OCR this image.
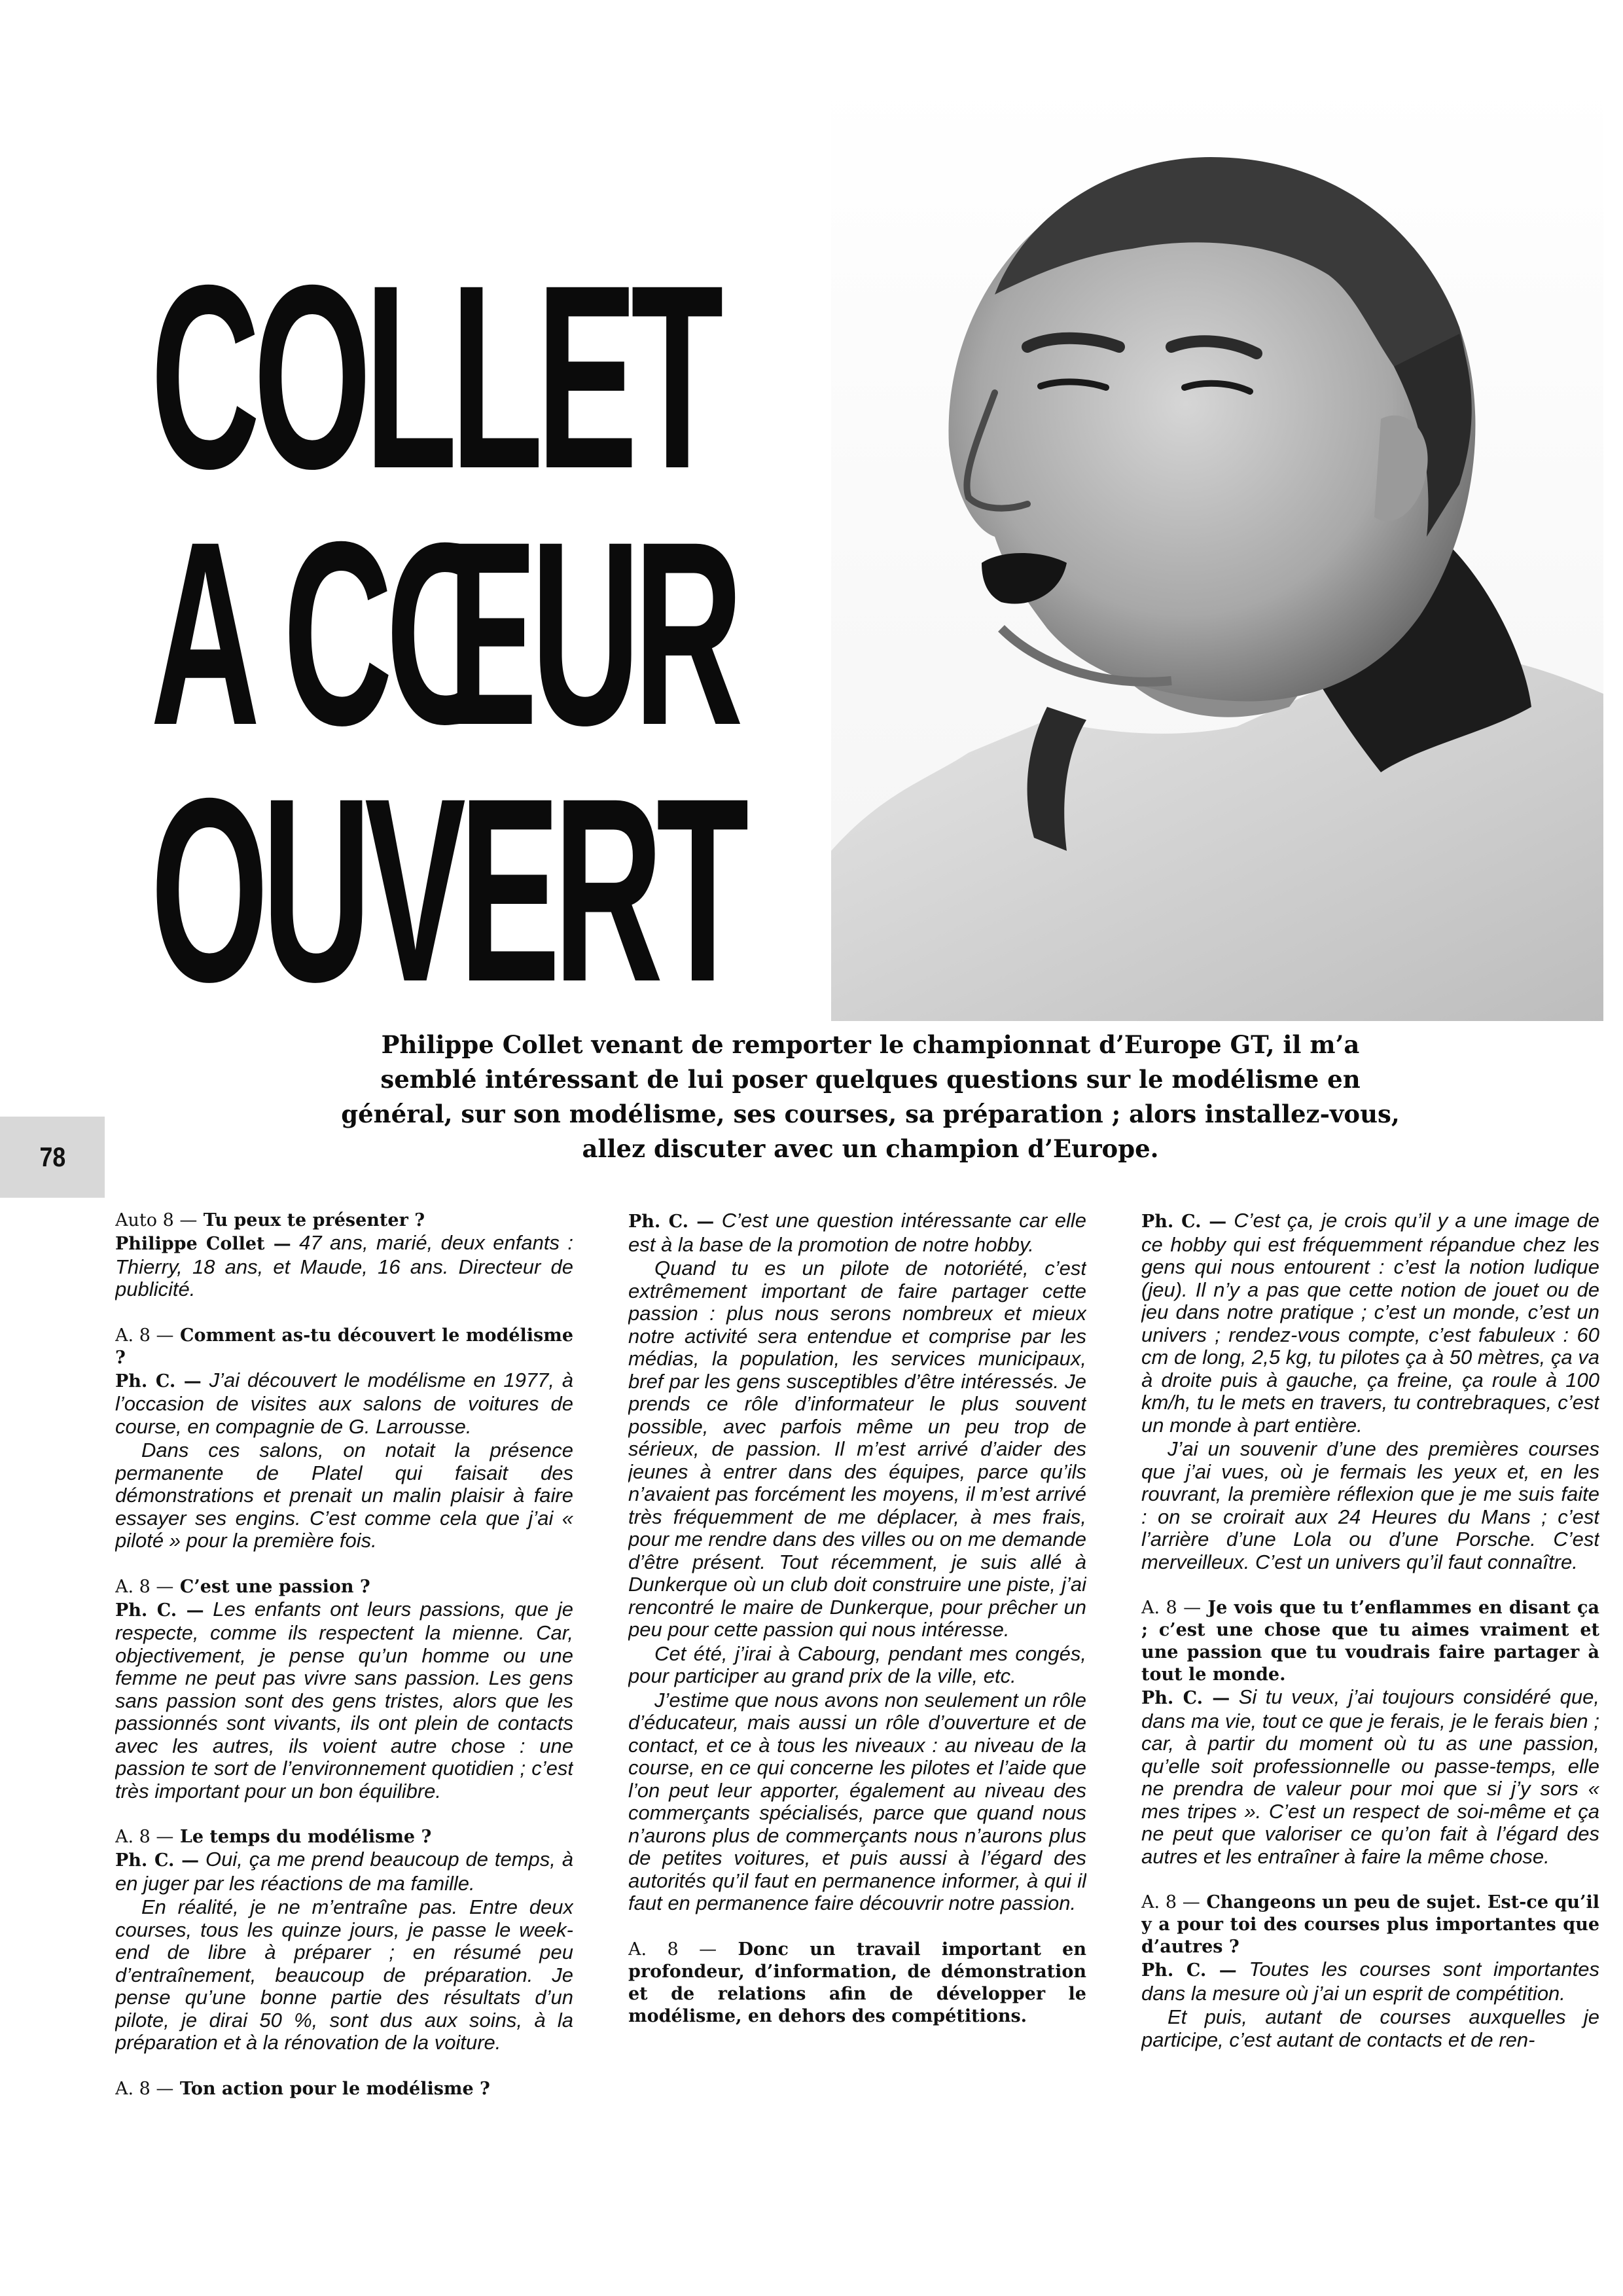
COLLET
A CŒUR
OUVERT

Philippe Collet venant de remporter le championnat d’Europe GT, il m’a semblé intéressant de lui poser quelques questions sur le modélisme en général, sur son modélisme, ses courses, sa préparation ; alors installez-vous, allez discuter avec un champion d’Europe.

78

Auto 8 — Tu peux te présenter ?

Philippe Collet — 47 ans, marié, deux enfants : Thierry, 18 ans, et Maude, 16 ans. Directeur de publicité.

A. 8 — Comment as-tu découvert le modélisme ?

Ph. C. — J’ai découvert le modélisme en 1977, à l’occasion de visites aux salons de voitures de course, en compagnie de G. Larrousse.

Dans ces salons, on notait la présence permanente de Platel qui faisait des démonstrations et prenait un malin plaisir à faire essayer ses engins. C’est comme cela que j’ai « piloté » pour la première fois.

A. 8 — C’est une passion ?

Ph. C. — Les enfants ont leurs passions, que je respecte, comme ils respectent la mienne. Car, objectivement, je pense qu’un homme ou une femme ne peut pas vivre sans passion. Les gens sans passion sont des gens tristes, alors que les passionnés sont vivants, ils ont plein de contacts avec les autres, ils voient autre chose : une passion te sort de l’environnement quotidien ; c’est très important pour un bon équilibre.

A. 8 — Le temps du modélisme ?

Ph. C. — Oui, ça me prend beaucoup de temps, à en juger par les réactions de ma famille.

En réalité, je ne m’entraîne pas. Entre deux courses, tous les quinze jours, je passe le week-end de libre à préparer ; en résumé peu d’entraînement, beaucoup de préparation. Je pense qu’une bonne partie des résultats d’un pilote, je dirai 50 %, sont dus aux soins, à la préparation et à la rénovation de la voiture.

A. 8 — Ton action pour le modélisme ?

Ph. C. — C’est une question intéressante car elle est à la base de la promotion de notre hobby.

Quand tu es un pilote de notoriété, c’est extrêmement important de faire partager cette passion : plus nous serons nombreux et mieux notre activité sera entendue et comprise par les médias, la population, les services municipaux, bref par les gens susceptibles d’être intéressés. Je prends ce rôle d’informateur le plus souvent possible, avec parfois même un peu trop de sérieux, de passion. Il m’est arrivé d’aider des jeunes à entrer dans des équipes, parce qu’ils n’avaient pas forcément les moyens, il m’est arrivé très fréquemment de me déplacer, à mes frais, pour me rendre dans des villes ou on me demande d’être présent. Tout récemment, je suis allé à Dunkerque où un club doit construire une piste, j’ai rencontré le maire de Dunkerque, pour prêcher un peu pour cette passion qui nous intéresse.

Cet été, j’irai à Cabourg, pendant mes congés, pour participer au grand prix de la ville, etc.

J’estime que nous avons non seulement un rôle d’éducateur, mais aussi un rôle d’ouverture et de contact, et ce à tous les niveaux : au niveau de la course, en ce qui concerne les pilotes et l’aide que l’on peut leur apporter, également au niveau des commerçants spécialisés, parce que quand nous n’aurons plus de commerçants nous n’aurons plus de petites voitures, et puis aussi à l’égard des autorités qu’il faut en permanence informer, à qui il faut en permanence faire découvrir notre passion.

A. 8 — Donc un travail important en profondeur, d’information, de démonstration et de relations afin de développer le modélisme, en dehors des compétitions.

Ph. C. — C’est ça, je crois qu’il y a une image de ce hobby qui est fréquemment répandue chez les gens qui nous entourent : c’est la notion ludique (jeu). Il n’y a pas que cette notion de jouet ou de jeu dans notre pratique ; c’est un monde, c’est un univers ; rendez-vous compte, c’est fabuleux : 60 cm de long, 2,5 kg, tu pilotes ça à 50 mètres, ça va à droite puis à gauche, ça freine, ça roule à 100 km/h, tu le mets en travers, tu contrebraques, c’est un monde à part entière.

J’ai un souvenir d’une des premières courses que j’ai vues, où je fermais les yeux et, en les rouvrant, la première réflexion que je me suis faite : on se croirait aux 24 Heures du Mans ; c’est l’arrière d’une Lola ou d’une Porsche. C’est merveilleux. C’est un univers qu’il faut connaître.

A. 8 — Je vois que tu t’enflammes en disant ça ; c’est une chose que tu aimes vraiment et une passion que tu voudrais faire partager à tout le monde.

Ph. C. — Si tu veux, j’ai toujours considéré que, dans ma vie, tout ce que je ferais, je le ferais bien ; car, à partir du moment où tu as une passion, qu’elle soit professionnelle ou passe-temps, elle ne prendra de valeur pour moi que si j’y sors « mes tripes ». C’est un respect de soi-même et ça ne peut que valoriser ce qu’on fait à l’égard des autres et les entraîner à faire la même chose.

A. 8 — Changeons un peu de sujet. Est-ce qu’il y a pour toi des courses plus importantes que d’autres ?

Ph. C. — Toutes les courses sont importantes dans la mesure où j’ai un esprit de compétition.

Et puis, autant de courses auxquelles je participe, c’est autant de contacts et de ren-
